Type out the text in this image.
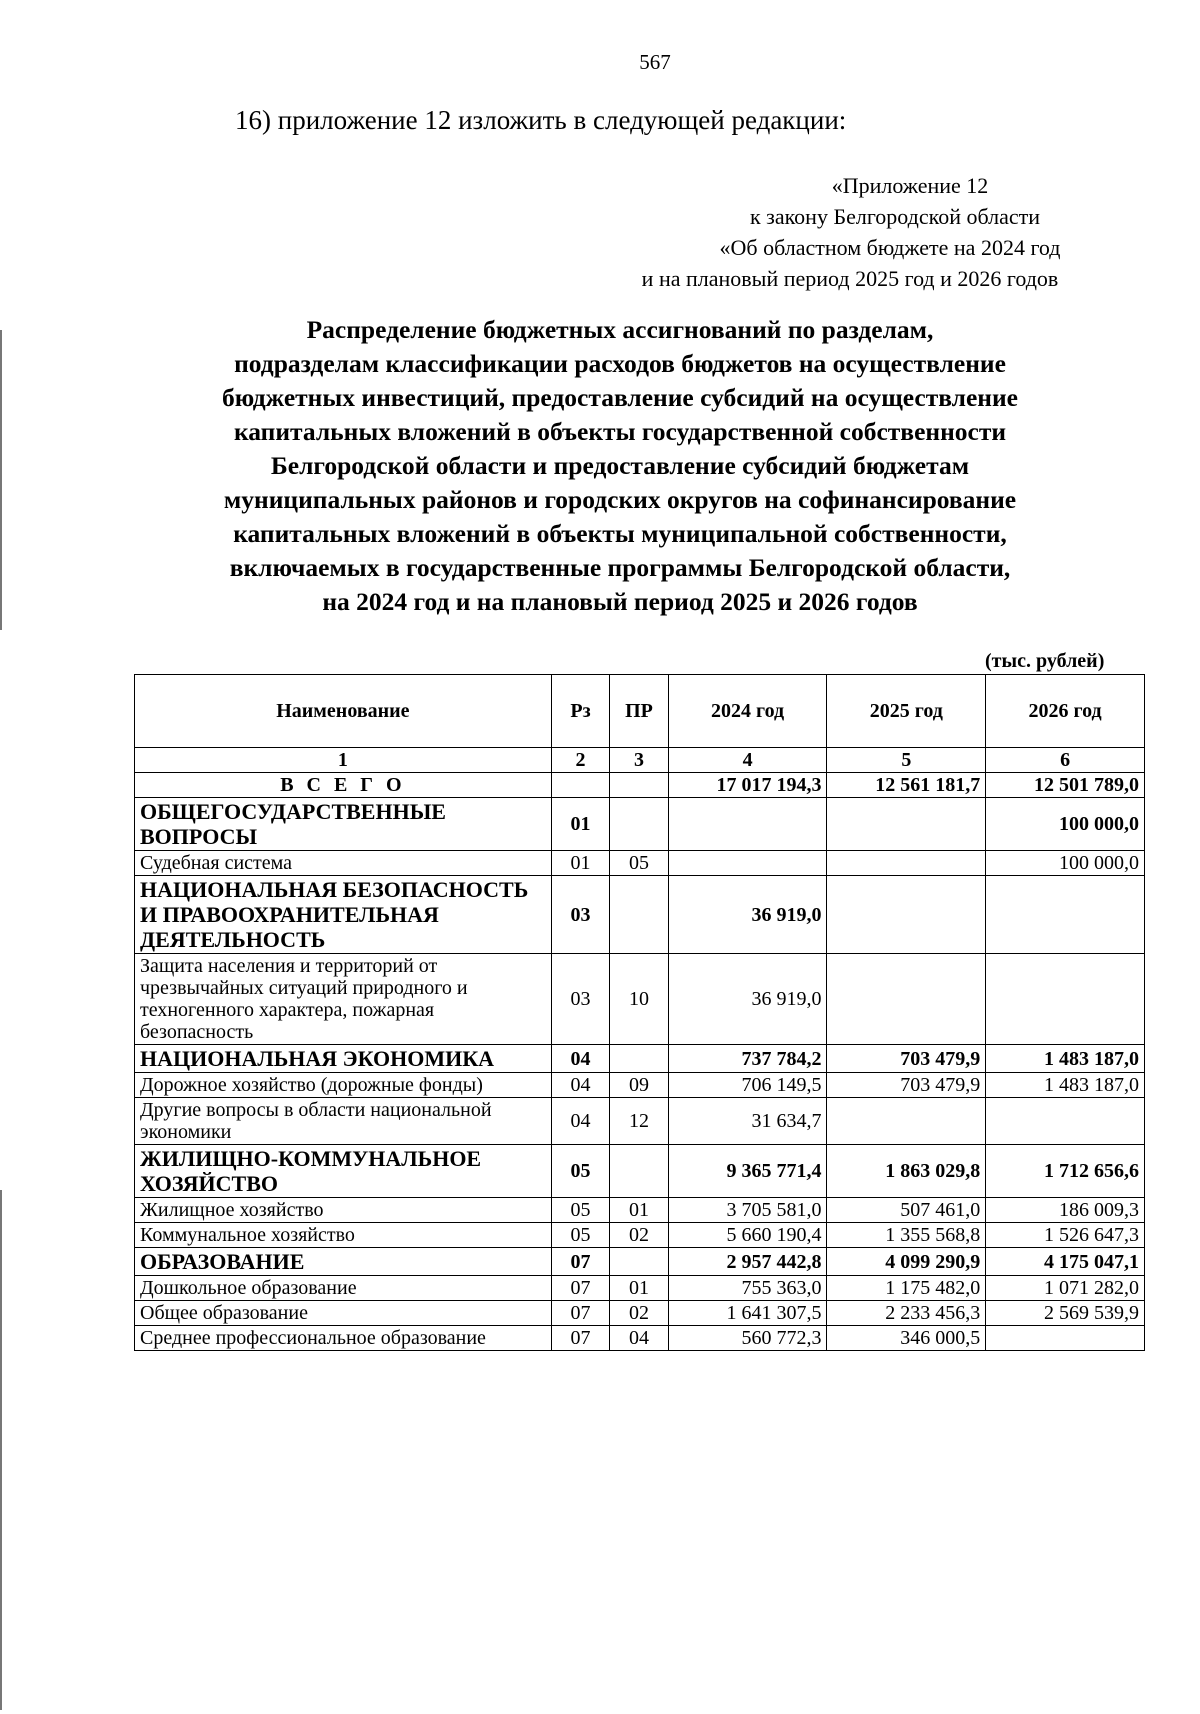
567
16) приложение 12 изложить в следующей редакции:
«Приложение 12
к закону Белгородской области
«Об областном бюджете на 2024 год
и на плановый период 2025 год и 2026 годов
Распределение бюджетных ассигнований по разделам,
подразделам классификации расходов бюджетов на осуществление
бюджетных инвестиций, предоставление субсидий на осуществление
капитальных вложений в объекты государственной собственности
Белгородской области и предоставление субсидий бюджетам
муниципальных районов и городских округов на софинансирование
капитальных вложений в объекты муниципальной собственности,
включаемых в государственные программы Белгородской области,
на 2024 год и на плановый период 2025 и 2026 годов
(тыс. рублей)
Наименование	Рз	ПР	2024 год	2025 год	2026 год
1	2	3	4	5	6
В С Е Г О			17 017 194,3	12 561 181,7	12 501 789,0
ОБЩЕГОСУДАРСТВЕННЫЕ ВОПРОСЫ	01				100 000,0
Судебная система	01	05			100 000,0
НАЦИОНАЛЬНАЯ БЕЗОПАСНОСТЬ И ПРАВООХРАНИТЕЛЬНАЯ ДЕЯТЕЛЬНОСТЬ	03		36 919,0		
Защита населения и территорий от чрезвычайных ситуаций природного и техногенного характера, пожарная безопасность	03	10	36 919,0		
НАЦИОНАЛЬНАЯ ЭКОНОМИКА	04		737 784,2	703 479,9	1 483 187,0
Дорожное хозяйство (дорожные фонды)	04	09	706 149,5	703 479,9	1 483 187,0
Другие вопросы в области национальной экономики	04	12	31 634,7		
ЖИЛИЩНО-КОММУНАЛЬНОЕ ХОЗЯЙСТВО	05		9 365 771,4	1 863 029,8	1 712 656,6
Жилищное хозяйство	05	01	3 705 581,0	507 461,0	186 009,3
Коммунальное хозяйство	05	02	5 660 190,4	1 355 568,8	1 526 647,3
ОБРАЗОВАНИЕ	07		2 957 442,8	4 099 290,9	4 175 047,1
Дошкольное образование	07	01	755 363,0	1 175 482,0	1 071 282,0
Общее образование	07	02	1 641 307,5	2 233 456,3	2 569 539,9
Среднее профессиональное образование	07	04	560 772,3	346 000,5	
